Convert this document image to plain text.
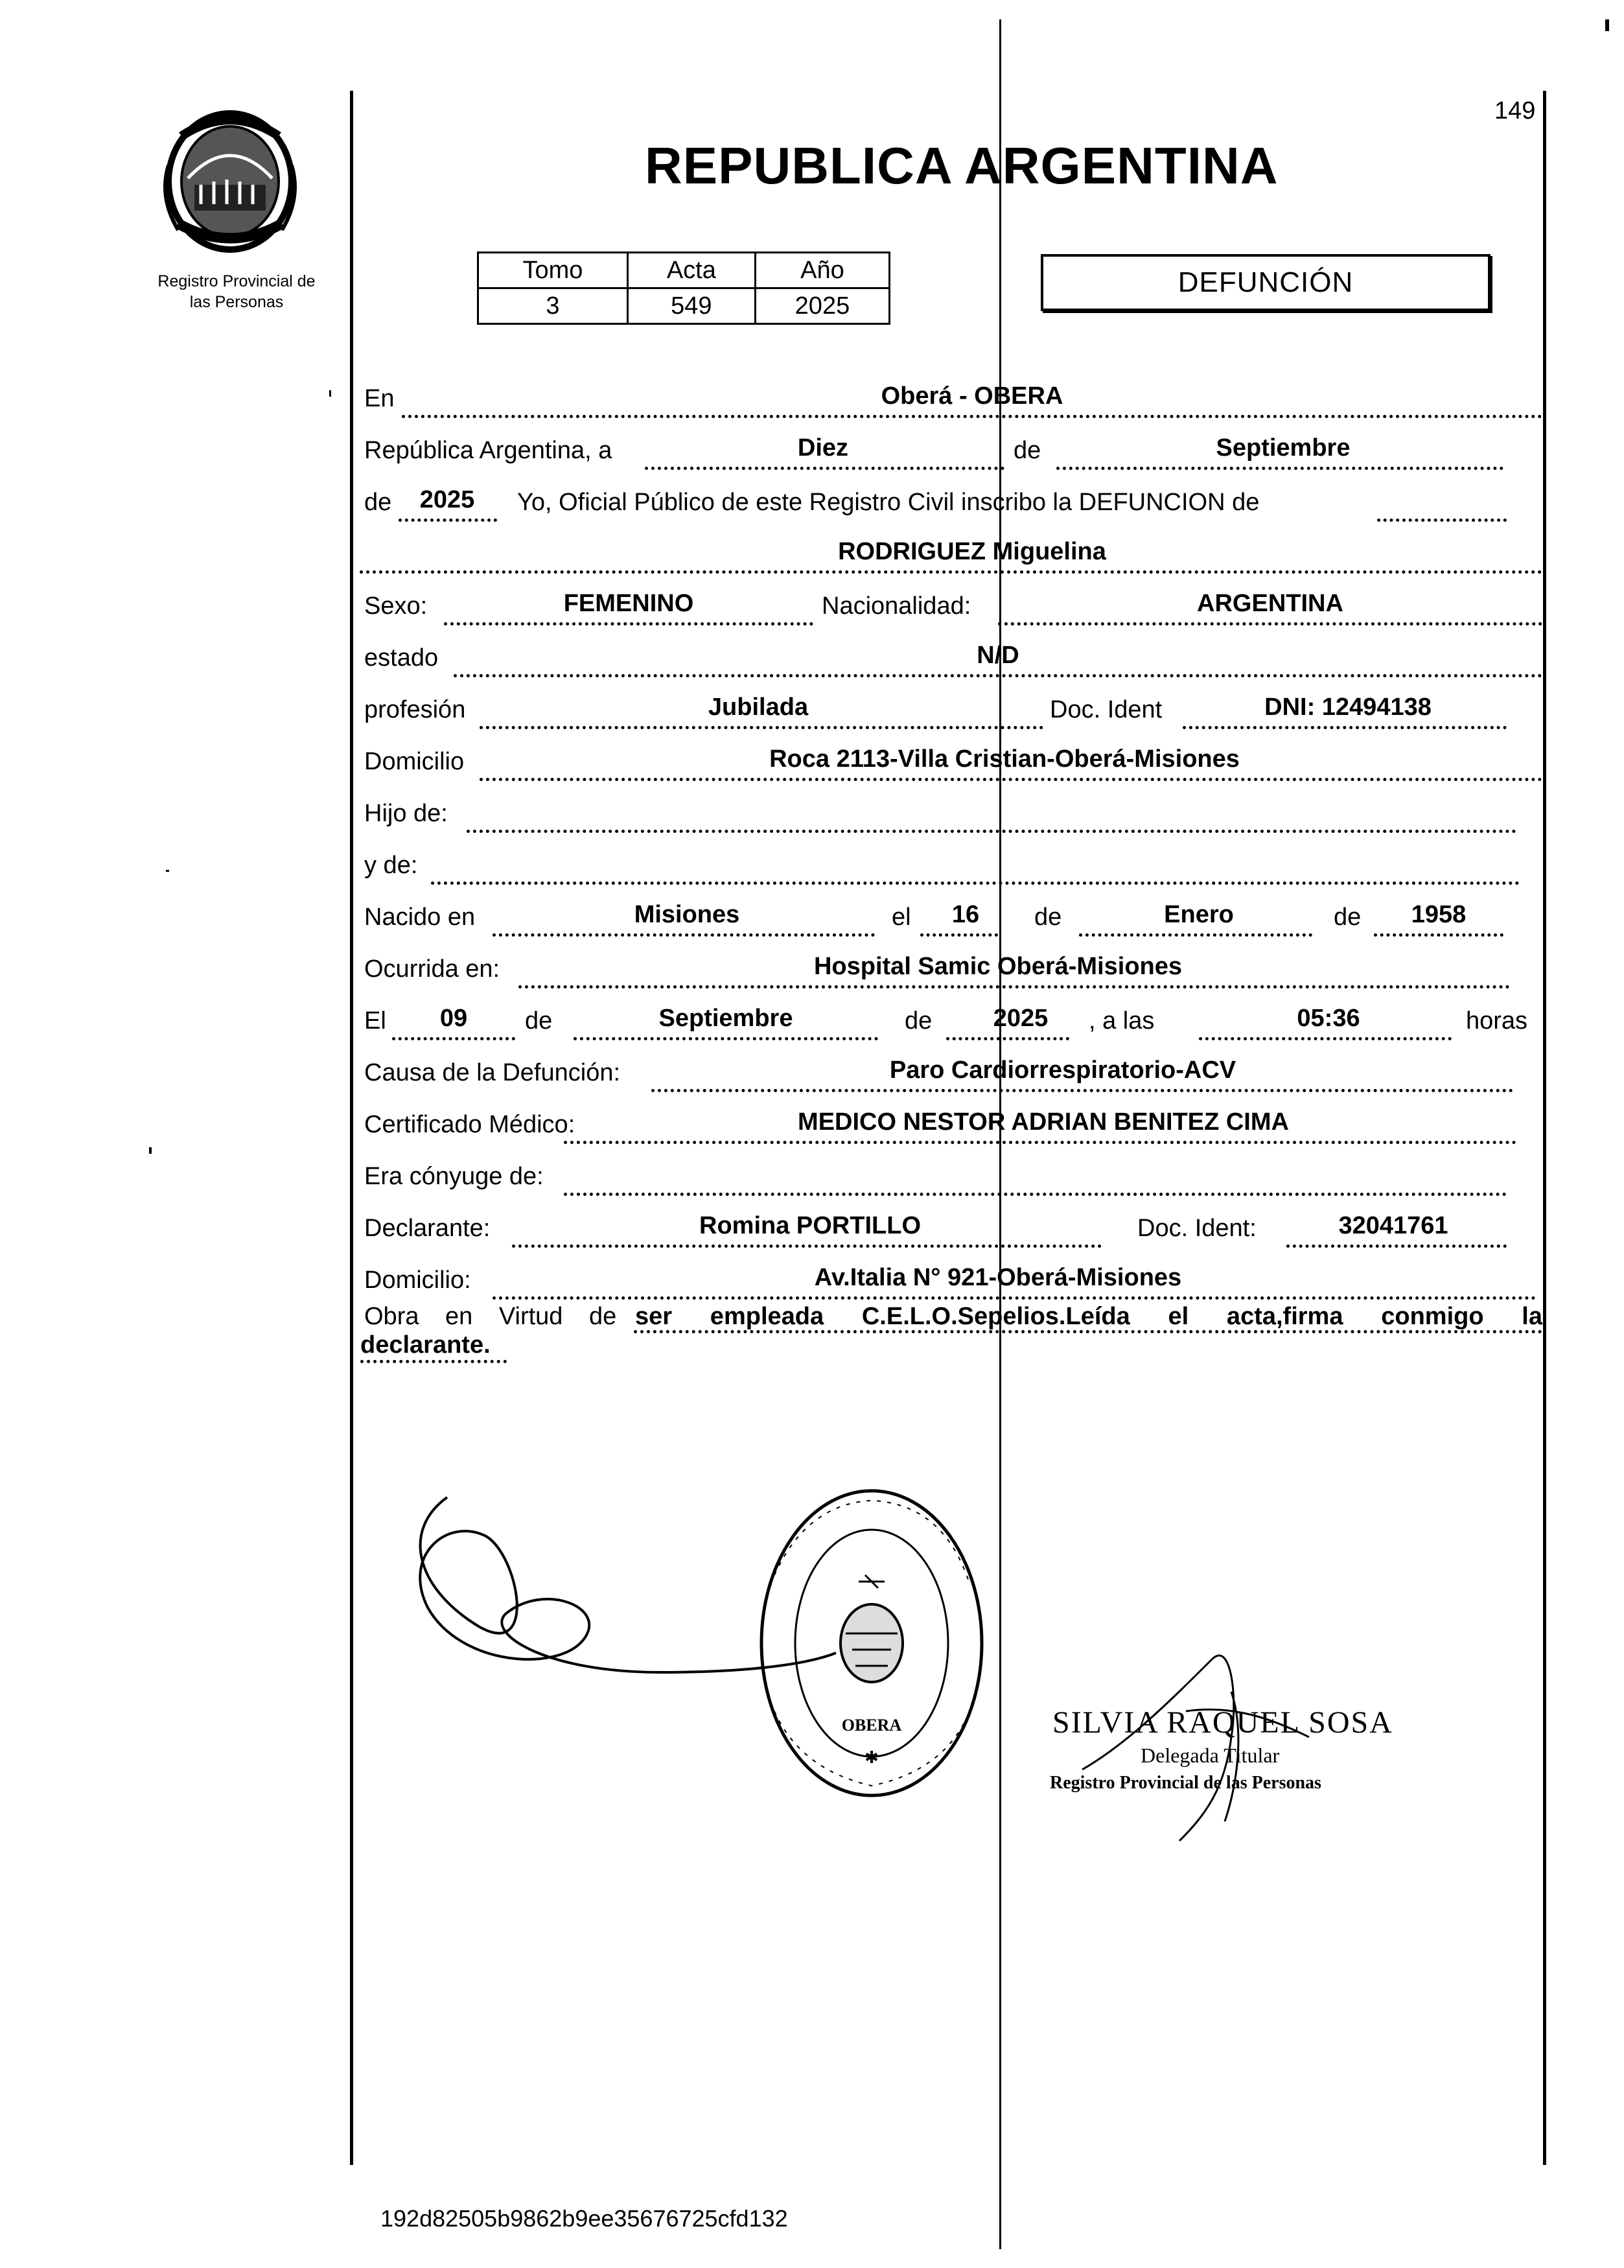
149
Registro Provincial de
las Personas
REPUBLICA ARGENTINA
Tomo	Acta	Año
3	549	2025
DEFUNCIÓN
En	Oberá - OBERA
República Argentina, a	Diez	de	Septiembre
de	2025	Yo, Oficial Público de este Registro Civil inscribo la DEFUNCION de
RODRIGUEZ Miguelina
Sexo:	FEMENINO	Nacionalidad:	ARGENTINA
estado	N/D
profesión	Jubilada	Doc. Ident	DNI: 12494138
Domicilio	Roca 2113-Villa Cristian-Oberá-Misiones
Hijo de:
y de:
Nacido en	Misiones	el	16	de	Enero	de	1958
Ocurrida en:	Hospital Samic Oberá-Misiones
El	09	de	Septiembre	de	2025	, a las	05:36	horas
Causa de la Defunción:	Paro Cardiorrespiratorio-ACV
Certificado Médico:	MEDICO NESTOR ADRIAN BENITEZ CIMA
Era cónyuge de:
Declarante:	Romina PORTILLO	Doc. Ident:	32041761
Domicilio:	Av.Italia N° 921-Oberá-Misiones
Obra en Virtud de ser empleada C.E.L.O.Sepelios.Leída el acta,firma conmigo la
declarante.
OBERA
✱
SILVIA RAQUEL SOSA
Delegada Titular
Registro Provincial de las Personas
192d82505b9862b9ee35676725cfd132
